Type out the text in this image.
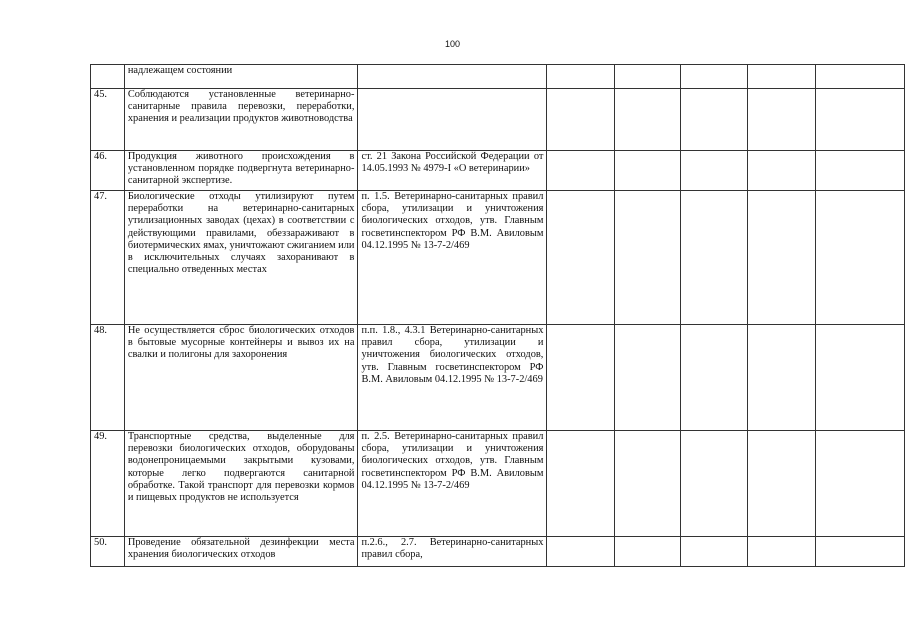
100
	надлежащем состоянии						
45.	Соблюдаются установленные ветеринарно-санитарные правила перевозки, переработки, хранения и реализации продуктов животноводства						
46.	Продукция животного происхождения в установленном порядке подвергнута ветеринарно-санитарной экспертизе.	ст. 21 Закона Российской Федерации от 14.05.1993 № 4979-I «О ветеринарии»					
47.	Биологические отходы утилизируют путем переработки на ветеринарно-санитарных утилизационных заводах (цехах) в соответствии с действующими правилами, обеззараживают в биотермических ямах, уничтожают сжиганием или в исключительных случаях захоранивают в специально отведенных местах	п. 1.5. Ветеринарно-санитарных правил сбора, утилизации и уничтожения биологических отходов, утв. Главным госветинспектором РФ В.М. Авиловым 04.12.1995 № 13-7-2/469					
48.	Не осуществляется сброс биологических отходов в бытовые мусорные контейнеры и вывоз их на свалки и полигоны для захоронения	п.п. 1.8., 4.3.1 Ветеринарно-санитарных правил сбора, утилизации и уничтожения биологических отходов, утв. Главным госветинспектором РФ В.М. Авиловым 04.12.1995 № 13-7-2/469					
49.	Транспортные средства, выделенные для перевозки биологических отходов, оборудованы водонепроницаемыми закрытыми кузовами, которые легко подвергаются санитарной обработке. Такой транспорт для перевозки кормов и пищевых продуктов не используется	п. 2.5. Ветеринарно-санитарных правил сбора, утилизации и уничтожения биологических отходов, утв. Главным госветинспектором РФ В.М. Авиловым 04.12.1995 № 13-7-2/469					
50.	Проведение обязательной дезинфекции места хранения биологических отходов	п.2.6., 2.7. Ветеринарно-санитарных правил сбора,					
